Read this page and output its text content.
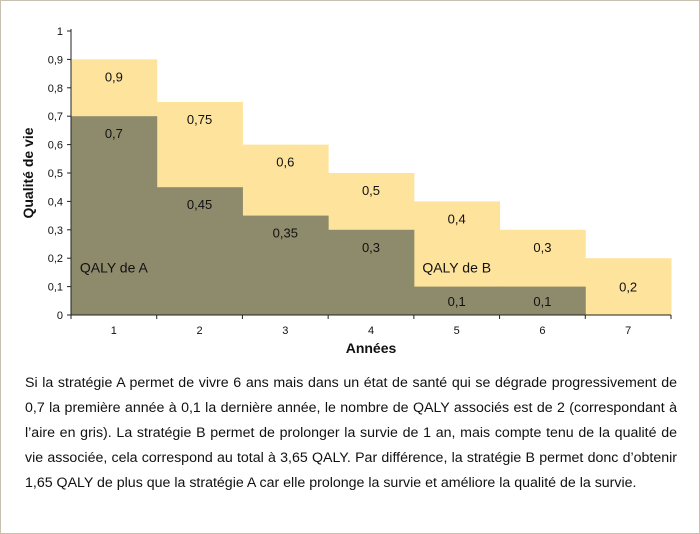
0
0,1
0,2
0,3
0,4
0,5
0,6
0,7
0,8
0,9
1
1	2	3	4	5	6	7
0,9
0,75
0,6
0,5
0,4
0,3
0,2
0,7
0,45
0,35
0,3
0,1	0,1
QALY de A	QALY de B
Qualité de vie
Années

Si la stratégie A permet de vivre 6 ans mais dans un état de santé qui se dégrade progressivement de 0,7 la première année à 0,1 la dernière année, le nombre de QALY associés est de 2 (correspondant à l’aire en gris). La stratégie B permet de prolonger la survie de 1 an, mais compte tenu de la qualité de vie associée, cela correspond au total à 3,65 QALY. Par différence, la stratégie B permet donc d’obtenir 1,65 QALY de plus que la stratégie A car elle prolonge la survie et améliore la qualité de la survie.
